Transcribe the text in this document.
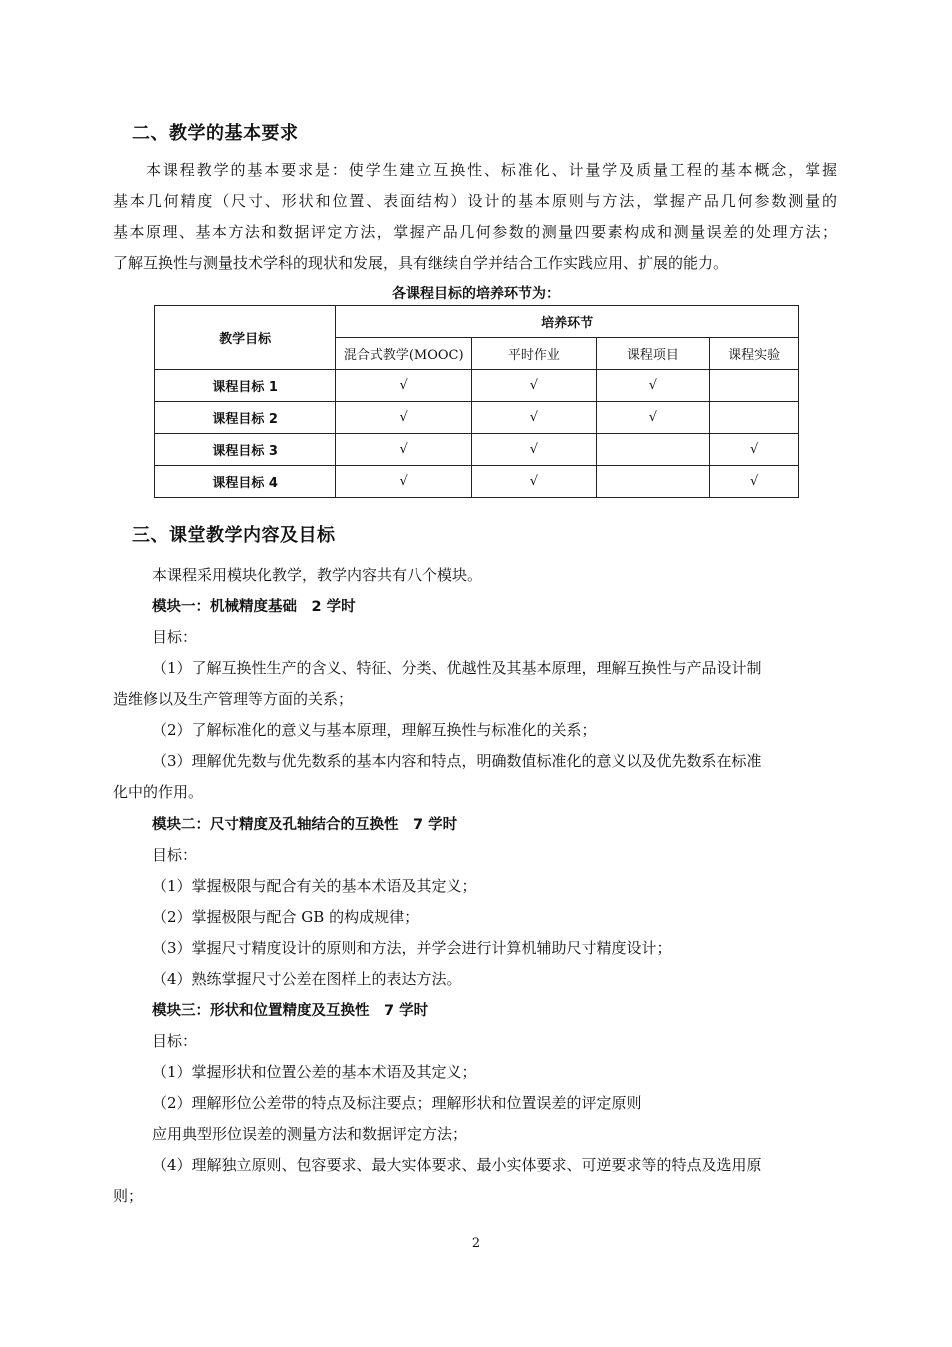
二、教学的基本要求
本课程教学的基本要求是：使学生建立互换性、标准化、计量学及质量工程的基本概念，掌握
基本几何精度（尺寸、形状和位置、表面结构）设计的基本原则与方法，掌握产品几何参数测量的
基本原理、基本方法和数据评定方法，掌握产品几何参数的测量四要素构成和测量误差的处理方法；
了解互换性与测量技术学科的现状和发展，具有继续自学并结合工作实践应用、扩展的能力。
各课程目标的培养环节为：
教学目标	培养环节			
	混合式教学(MOOC)	平时作业	课程项目	课程实验
课程目标 1	√	√	√	
课程目标 2	√	√	√	
课程目标 3	√	√		√
课程目标 4	√	√		√
三、课堂教学内容及目标
本课程采用模块化教学，教学内容共有八个模块。
模块一：机械精度基础　2 学时
目标：
（1）了解互换性生产的含义、特征、分类、优越性及其基本原理，理解互换性与产品设计制
造维修以及生产管理等方面的关系；
（2）了解标准化的意义与基本原理，理解互换性与标准化的关系；
（3）理解优先数与优先数系的基本内容和特点，明确数值标准化的意义以及优先数系在标准
化中的作用。
模块二：尺寸精度及孔轴结合的互换性　7 学时
目标：
（1）掌握极限与配合有关的基本术语及其定义；
（2）掌握极限与配合 GB 的构成规律；
（3）掌握尺寸精度设计的原则和方法，并学会进行计算机辅助尺寸精度设计；
（4）熟练掌握尺寸公差在图样上的表达方法。
模块三：形状和位置精度及互换性　7 学时
目标：
（1）掌握形状和位置公差的基本术语及其定义；
（2）理解形位公差带的特点及标注要点；理解形状和位置误差的评定原则
应用典型形位误差的测量方法和数据评定方法；
（4）理解独立原则、包容要求、最大实体要求、最小实体要求、可逆要求等的特点及选用原
则；
2
